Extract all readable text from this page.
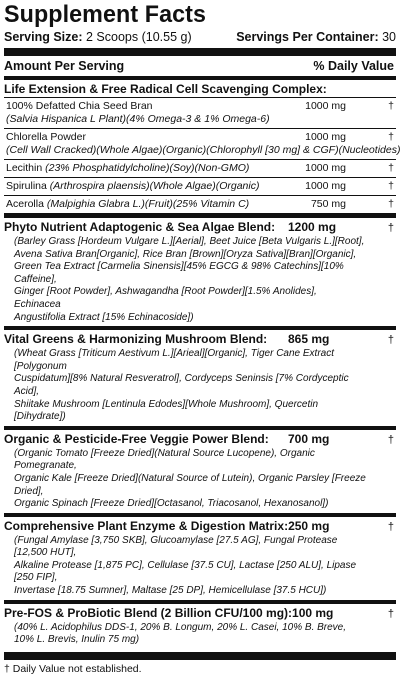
Supplement Facts
Serving Size: 2 Scoops (10.55 g)	Servings Per Container: 30
Amount Per Serving	% Daily Value
Life Extension & Free Radical Cell Scavenging Complex:
100% Defatted Chia Seed Bran
(Salvia Hispanica L Plant)(4% Omega-3 & 1% Omega-6)
1000 mg	†
Chlorella Powder
(Cell Wall Cracked)(Whole Algae)(Organic)(Chlorophyll [30 mg] & CGF)(Nucleotides)
1000 mg	†
Lecithin (23% Phosphatidylcholine)(Soy)(Non-GMO)	1000 mg	†
Spirulina (Arthrospira plaensis)(Whole Algae)(Organic)	1000 mg	†
Acerolla (Malpighia Glabra L.)(Fruit)(25% Vitamin C)	750 mg	†
Phyto Nutrient Adaptogenic & Sea Algae Blend:	1200 mg	†
(Barley Grass [Hordeum Vulgare L.][Aerial], Beet Juice [Beta Vulgaris L.][Root],
Avena Sativa Bran[Organic], Rice Bran [Brown][Oryza Sativa][Bran][Organic],
Green Tea Extract [Carmelia Sinensis][45% EGCG & 98% Catechins][10% Caffeine],
Ginger [Root Powder], Ashwagandha [Root Powder][1.5% Anolides], Echinacea
Angustifolia Extract [15% Echinacoside])
Vital Greens & Harmonizing Mushroom Blend:	865 mg	†
(Wheat Grass [Triticum Aestivum L.][Arieal][Organic], Tiger Cane Extract [Polygonum
Cuspidatum][8% Natural Resveratrol], Cordyceps Seninsis [7% Cordyceptic Acid],
Shiitake Mushroom [Lentinula Edodes][Whole Mushroom], Quercetin [Dihydrate])
Organic & Pesticide-Free Veggie Power Blend:	700 mg	†
(Organic Tomato [Freeze Dried](Natural Source Lucopene), Organic Pomegranate,
Organic Kale [Freeze Dried](Natural Source of Lutein), Organic Parsley [Freeze Dried],
Organic Spinach [Freeze Dried][Octasanol, Triacosanol, Hexanosanol])
Comprehensive Plant Enzyme & Digestion Matrix: 250 mg	†
(Fungal Amylase [3,750 SKB], Glucoamylase [27.5 AG], Fungal Protease [12,500 HUT],
Alkaline Protease [1,875 PC], Cellulase [37.5 CU], Lactase [250 ALU], Lipase [250 FIP],
Invertase [18.75 Sumner], Maltase [25 DP], Hemicellulase [37.5 HCU])
Pre-FOS & ProBiotic Blend (2 Billion CFU/100 mg): 100 mg	†
(40% L. Acidophilus DDS-1, 20% B. Longum, 20% L. Casei, 10% B. Breve,
10% L. Brevis, Inulin 75 mg)
† Daily Value not established.
